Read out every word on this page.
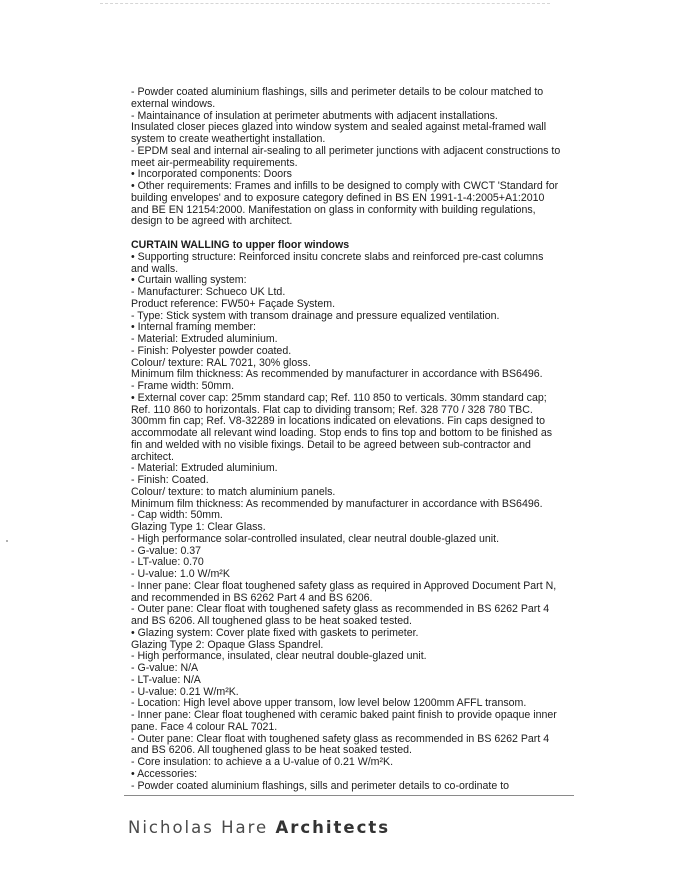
- Powder coated aluminium flashings, sills and perimeter details to be colour matched to external windows.

- Maintainance of insulation at perimeter abutments with adjacent installations.

Insulated closer pieces glazed into window system and sealed against metal-framed wall system to create weathertight installation.

- EPDM seal and internal air-sealing to all perimeter junctions with adjacent constructions to meet air-permeability requirements.

• Incorporated components: Doors

• Other requirements: Frames and infills to be designed to comply with CWCT 'Standard for building envelopes' and to exposure category defined in BS EN 1991-1-4:2005+A1:2010 and BE EN 12154:2000. Manifestation on glass in conformity with building regulations, design to be agreed with architect.

CURTAIN WALLING to upper floor windows

• Supporting structure: Reinforced insitu concrete slabs and reinforced pre-cast columns and walls.

• Curtain walling system:

- Manufacturer: Schueco UK Ltd.

Product reference: FW50+ Façade System.

- Type: Stick system with transom drainage and pressure equalized ventilation.

• Internal framing member:

- Material: Extruded aluminium.

- Finish: Polyester powder coated.

Colour/ texture: RAL 7021, 30% gloss.

Minimum film thickness: As recommended by manufacturer in accordance with BS6496.

- Frame width: 50mm.

• External cover cap: 25mm standard cap; Ref. 110 850 to verticals. 30mm standard cap; Ref. 110 860 to horizontals. Flat cap to dividing transom; Ref. 328 770 / 328 780 TBC. 300mm fin cap; Ref. V8-32289 in locations indicated on elevations. Fin caps designed to accommodate all relevant wind loading. Stop ends to fins top and bottom to be finished as fin and welded with no visible fixings. Detail to be agreed between sub-contractor and architect.

- Material: Extruded aluminium.

- Finish: Coated.

Colour/ texture: to match aluminium panels.

Minimum film thickness: As recommended by manufacturer in accordance with BS6496.

- Cap width: 50mm.

Glazing Type 1: Clear Glass.

- High performance solar-controlled insulated, clear neutral double-glazed unit.

- G-value: 0.37

- LT-value: 0.70

- U-value: 1.0 W/m²K

- Inner pane: Clear float toughened safety glass as required in Approved Document Part N, and recommended in BS 6262 Part 4 and BS 6206.

- Outer pane: Clear float with toughened safety glass as recommended in BS 6262 Part 4 and BS 6206. All toughened glass to be heat soaked tested.

• Glazing system: Cover plate fixed with gaskets to perimeter.

Glazing Type 2: Opaque Glass Spandrel.

- High performance, insulated, clear neutral double-glazed unit.

- G-value: N/A

- LT-value: N/A

- U-value: 0.21 W/m²K.

- Location: High level above upper transom, low level below 1200mm AFFL transom.

- Inner pane: Clear float toughened with ceramic baked paint finish to provide opaque inner pane. Face 4 colour RAL 7021.

- Outer pane: Clear float with toughened safety glass as recommended in BS 6262 Part 4 and BS 6206. All toughened glass to be heat soaked tested.

- Core insulation: to achieve a a U-value of 0.21 W/m²K.

• Accessories:

- Powder coated aluminium flashings, sills and perimeter details to co-ordinate to

Nicholas Hare Architects
